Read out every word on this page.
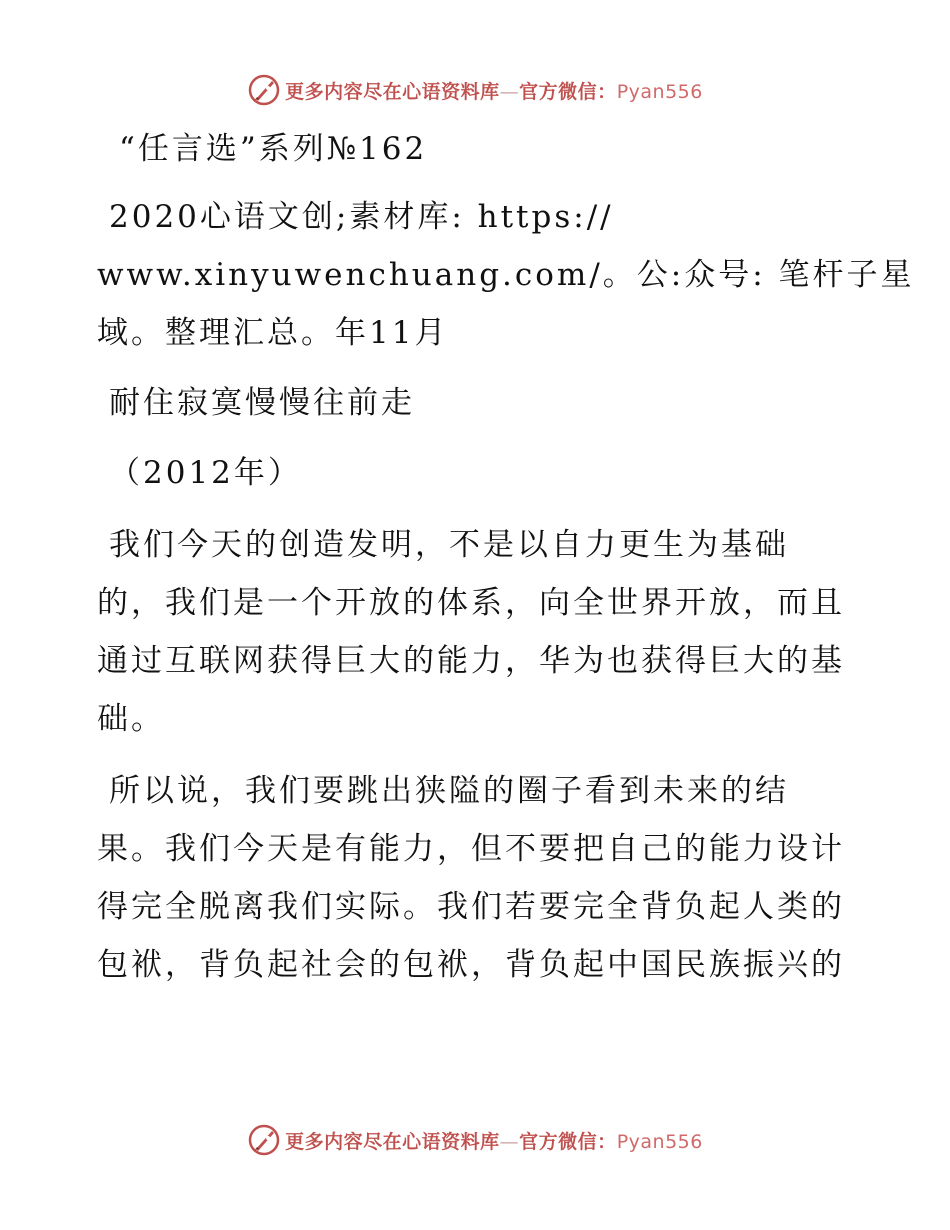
更多内容尽在心语资料库—官方微信：Pyan556

“任言选”系列№162

2020心语文创;素材库: https://
www.xinyuwenchuang.com/。公:众号: 笔杆子星
域。整理汇总。年11月

耐住寂寞慢慢往前走

（2012年）

我们今天的创造发明，不是以自力更生为基础
的，我们是一个开放的体系，向全世界开放，而且
通过互联网获得巨大的能力，华为也获得巨大的基
础。

所以说，我们要跳出狭隘的圈子看到未来的结
果。我们今天是有能力，但不要把自己的能力设计
得完全脱离我们实际。我们若要完全背负起人类的
包袱，背负起社会的包袱，背负起中国民族振兴的

更多内容尽在心语资料库—官方微信：Pyan556
